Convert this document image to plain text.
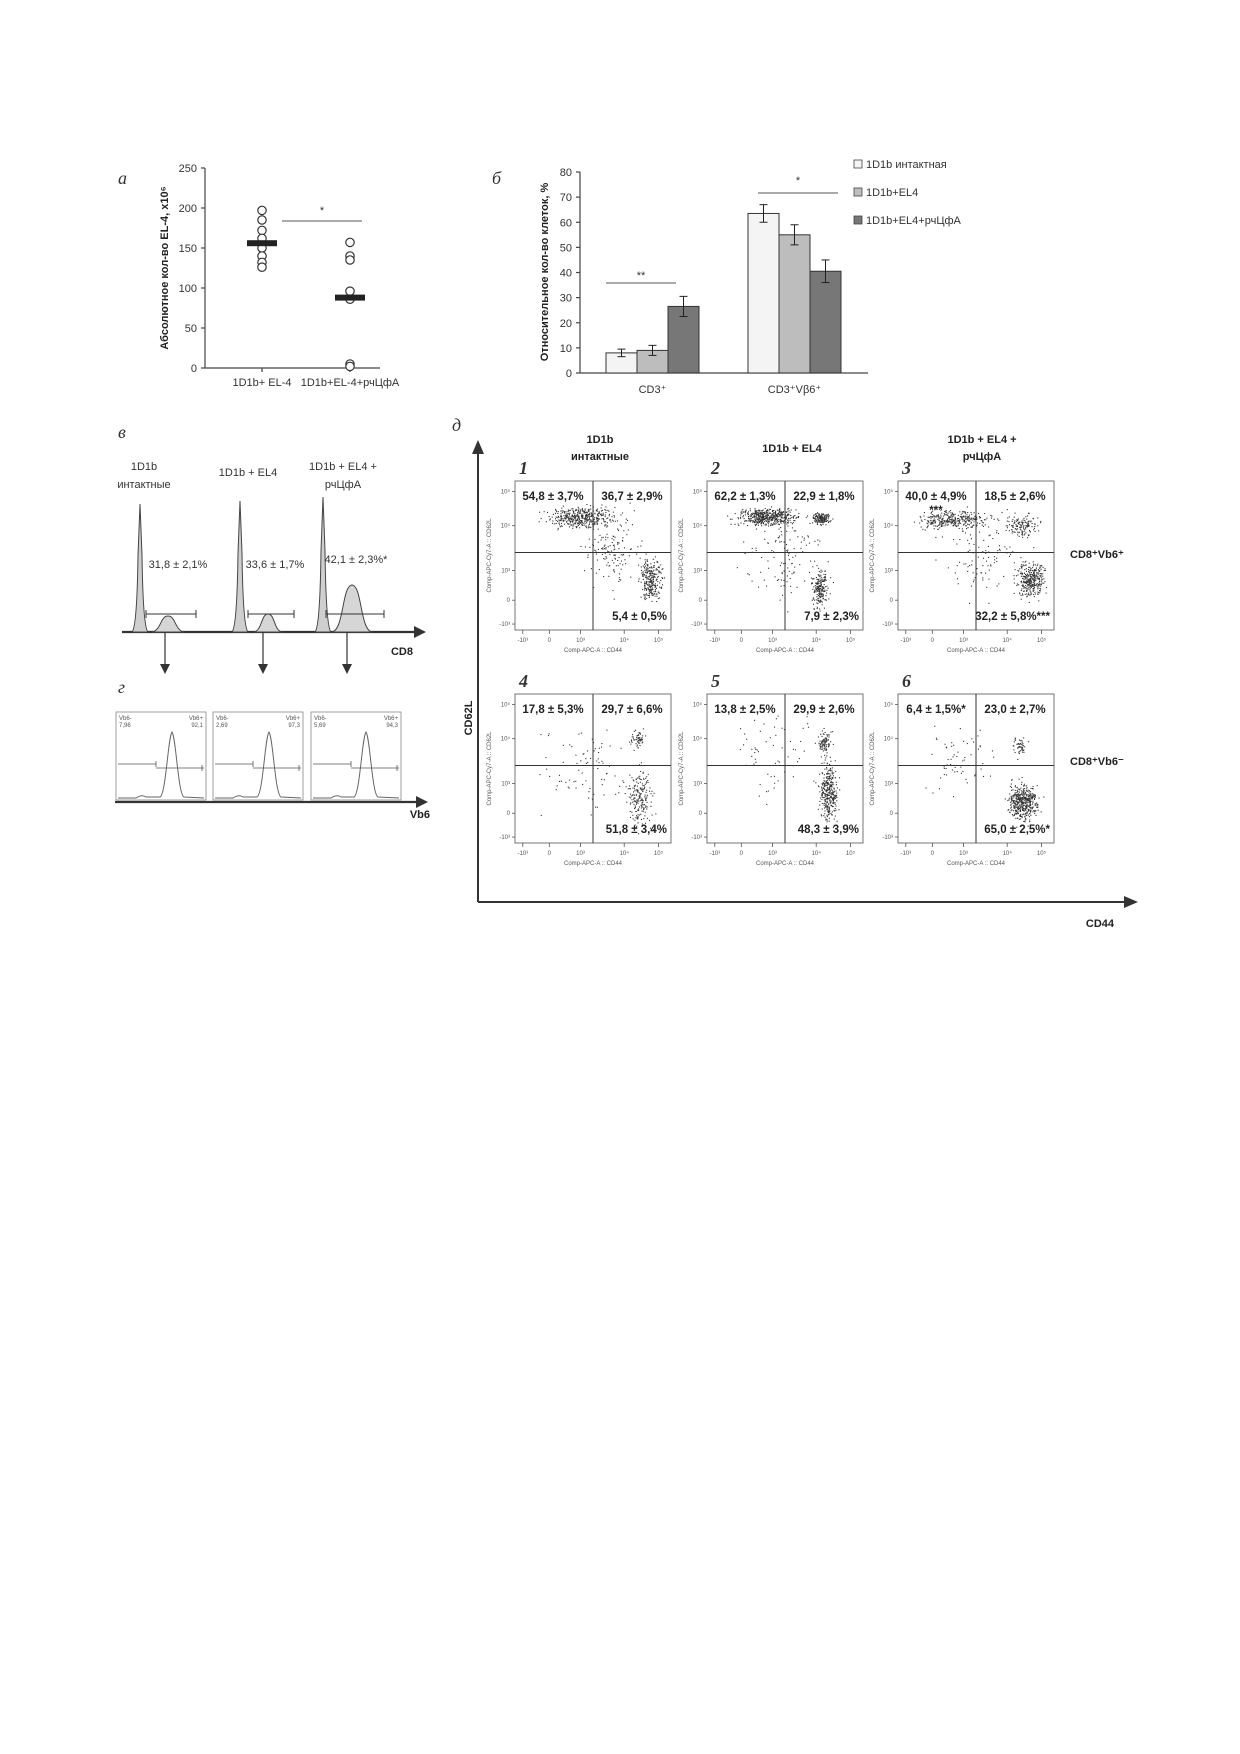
а
0
50
100
150
200
250
1D1b+ EL-4 1D1b+EL-4+рчЦфА
*
Абсолютное кол-во EL-4, x10⁶
б
0
10
20
30
40
50
60
70
80
CD3⁺	CD3⁺Vβ6⁺
**
*
Относительное кол-во клеток, %
1D1b интактная
1D1b+EL4
1D1b+EL4+рчЦфА
в
CD8
1D1b
интактные
31,8 ± 2,1%
1D1b + EL4
33,6 ± 1,7%
1D1b + EL4 +
рчЦфА
42,1 ± 2,3%*
г
Vb6
Vb6-
7,96
Vb6+
92,1
Vb6-
2,69
Vb6+
97,3
Vb6-
5,69
Vb6+
94,3
д
CD62L
CD44
1D1b
интактные
1D1b + EL4
1D1b + EL4 +
рчЦфА
CD8⁺Vb6⁺
CD8⁺Vb6⁻
1
54,8 ± 3,7% 36,7 ± 2,9%
5,4 ± 0,5%
-10³	0	10³	10⁴	10⁵
-10³
0
10³
10⁴
10⁵
Comp-APC-A :: CD44
Comp-APC-Cy7-A :: CD62L
2
62,2 ± 1,3% 22,9 ± 1,8%
7,9 ± 2,3%
-10³	0	10³	10⁴	10⁵
-10³
0
10³
10⁴
10⁵
Comp-APC-A :: CD44
Comp-APC-Cy7-A :: CD62L
3
40,0 ± 4,9% 18,5 ± 2,6%
32,2 ± 5,8%***
***
-10³	0	10³	10⁴	10⁵
-10³
0
10³
10⁴
10⁵
Comp-APC-A :: CD44
Comp-APC-Cy7-A :: CD62L
4
17,8 ± 5,3% 29,7 ± 6,6%
51,8 ± 3,4%
-10³	0	10³	10⁴	10⁵
-10³
0
10³
10⁴
10⁵
Comp-APC-A :: CD44
Comp-APC-Cy7-A :: CD62L
5
13,8 ± 2,5% 29,9 ± 2,6%
48,3 ± 3,9%
-10³	0	10³	10⁴	10⁵
-10³
0
10³
10⁴
10⁵
Comp-APC-A :: CD44
Comp-APC-Cy7-A :: CD62L
6
6,4 ± 1,5%* 23,0 ± 2,7%
65,0 ± 2,5%*
-10³	0	10³	10⁴	10⁵
-10³
0
10³
10⁴
10⁵
Comp-APC-A :: CD44
Comp-APC-Cy7-A :: CD62L
